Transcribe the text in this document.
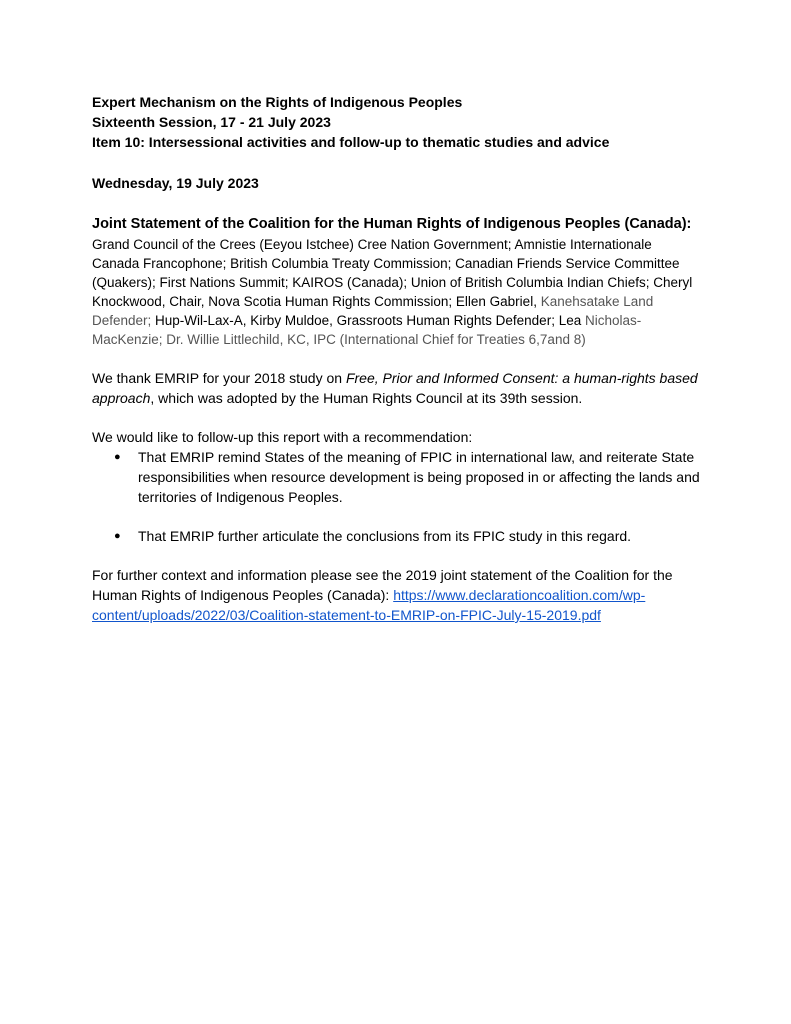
Expert Mechanism on the Rights of Indigenous Peoples

Sixteenth Session, 17 - 21 July 2023

Item 10: Intersessional activities and follow-up to thematic studies and advice

Wednesday, 19 July 2023

Joint Statement of the Coalition for the Human Rights of Indigenous Peoples (Canada):

Grand Council of the Crees (Eeyou Istchee) Cree Nation Government; Amnistie Internationale Canada Francophone; British Columbia Treaty Commission; Canadian Friends Service Committee (Quakers); First Nations Summit; KAIROS (Canada); Union of British Columbia Indian Chiefs; Cheryl Knockwood, Chair, Nova Scotia Human Rights Commission; Ellen Gabriel, Kanehsatake Land Defender; Hup-Wil-Lax-A, Kirby Muldoe, Grassroots Human Rights Defender; Lea Nicholas-MacKenzie; Dr. Willie Littlechild, KC, IPC (International Chief for Treaties 6,7and 8)

We thank EMRIP for your 2018 study on Free, Prior and Informed Consent: a human-rights based approach, which was adopted by the Human Rights Council at its 39th session.

We would like to follow-up this report with a recommendation:

● That EMRIP remind States of the meaning of FPIC in international law, and reiterate State responsibilities when resource development is being proposed in or affecting the lands and territories of Indigenous Peoples.
● That EMRIP further articulate the conclusions from its FPIC study in this regard.

For further context and information please see the 2019 joint statement of the Coalition for the Human Rights of Indigenous Peoples (Canada): https://www.declarationcoalition.com/wp-content/uploads/2022/03/Coalition-statement-to-EMRIP-on-FPIC-July-15-2019.pdf
